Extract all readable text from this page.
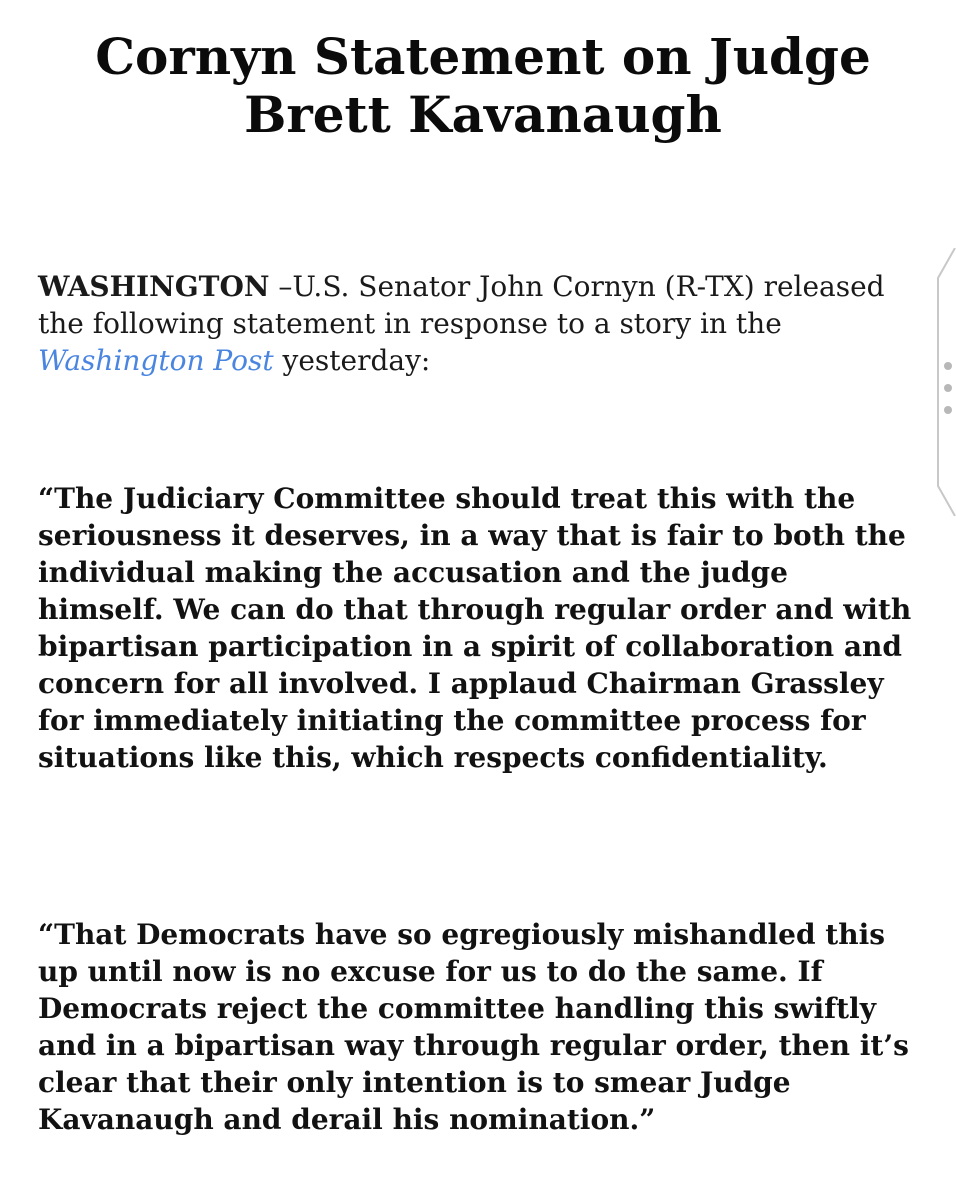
Cornyn Statement on Judge Brett Kavanaugh

WASHINGTON –U.S. Senator John Cornyn (R-TX) released the following statement in response to a story in the Washington Post yesterday:

“The Judiciary Committee should treat this with the seriousness it deserves, in a way that is fair to both the individual making the accusation and the judge himself. We can do that through regular order and with bipartisan participation in a spirit of collaboration and concern for all involved. I applaud Chairman Grassley for immediately initiating the committee process for situations like this, which respects confidentiality.

“That Democrats have so egregiously mishandled this up until now is no excuse for us to do the same. If Democrats reject the committee handling this swiftly and in a bipartisan way through regular order, then it’s clear that their only intention is to smear Judge Kavanaugh and derail his nomination.”
